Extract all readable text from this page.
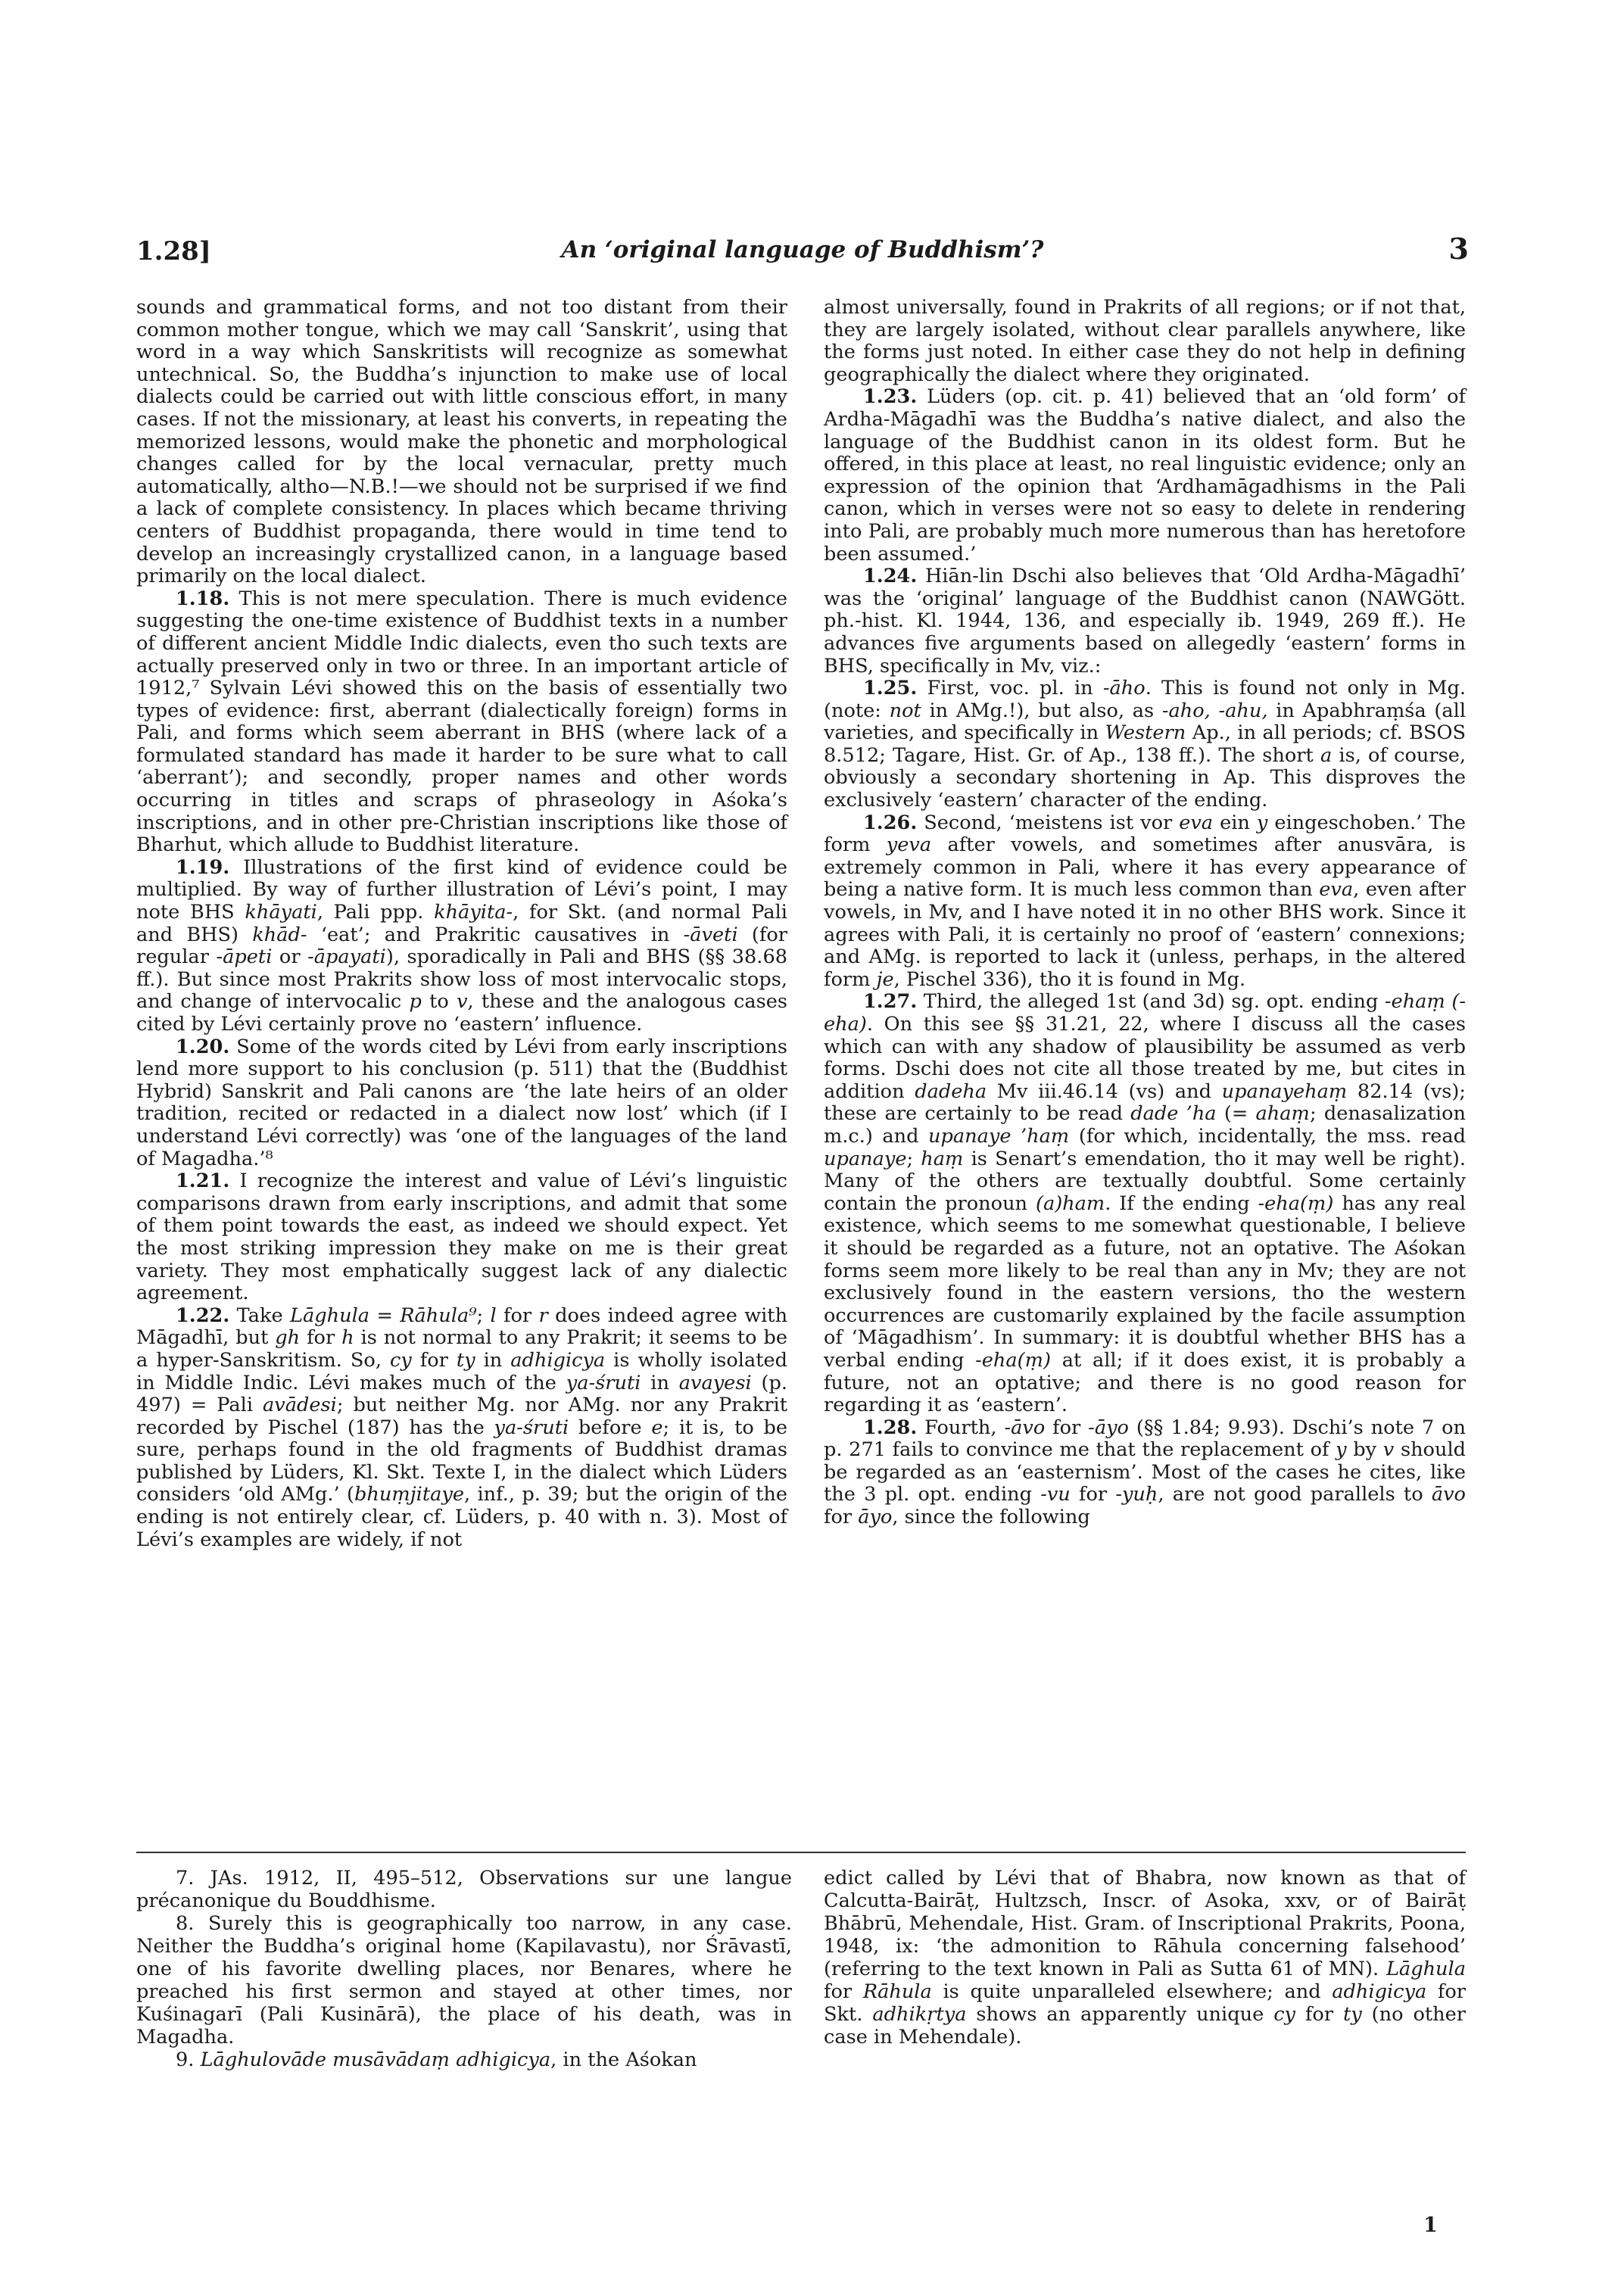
1.28]	An ‘original language of Buddhism’?	3

sounds and grammatical forms, and not too distant from their common mother tongue, which we may call ‘Sanskrit’, using that word in a way which Sanskritists will recognize as somewhat untechnical. So, the Buddha’s injunction to make use of local dialects could be carried out with little conscious effort, in many cases. If not the missionary, at least his converts, in repeating the memorized lessons, would make the phonetic and morphological changes called for by the local vernacular, pretty much automatically, altho—N.B.!—we should not be surprised if we find a lack of complete consistency. In places which became thriving centers of Buddhist propaganda, there would in time tend to develop an increasingly crystallized canon, in a language based primarily on the local dialect.

1.18. This is not mere speculation. There is much evidence suggesting the one-time existence of Buddhist texts in a number of different ancient Middle Indic dialects, even tho such texts are actually preserved only in two or three. In an important article of 1912,⁷ Sylvain Lévi showed this on the basis of essentially two types of evidence: first, aberrant (dialectically foreign) forms in Pali, and forms which seem aberrant in BHS (where lack of a formulated standard has made it harder to be sure what to call ‘aberrant’); and secondly, proper names and other words occurring in titles and scraps of phraseology in Aśoka’s inscriptions, and in other pre-Christian inscriptions like those of Bharhut, which allude to Buddhist literature.

1.19. Illustrations of the first kind of evidence could be multiplied. By way of further illustration of Lévi’s point, I may note BHS khāyati, Pali ppp. khāyita-, for Skt. (and normal Pali and BHS) khād- ‘eat’; and Prakritic causatives in -āveti (for regular -āpeti or -āpayati), sporadically in Pali and BHS (§§ 38.68 ff.). But since most Prakrits show loss of most intervocalic stops, and change of intervocalic p to v, these and the analogous cases cited by Lévi certainly prove no ‘eastern’ influence.

1.20. Some of the words cited by Lévi from early inscriptions lend more support to his conclusion (p. 511) that the (Buddhist Hybrid) Sanskrit and Pali canons are ‘the late heirs of an older tradition, recited or redacted in a dialect now lost’ which (if I understand Lévi correctly) was ‘one of the languages of the land of Magadha.’⁸

1.21. I recognize the interest and value of Lévi’s linguistic comparisons drawn from early inscriptions, and admit that some of them point towards the east, as indeed we should expect. Yet the most striking impression they make on me is their great variety. They most emphatically suggest lack of any dialectic agreement.

1.22. Take Lāghula = Rāhula⁹; l for r does indeed agree with Māgadhī, but gh for h is not normal to any Prakrit; it seems to be a hyper-Sanskritism. So, cy for ty in adhigicya is wholly isolated in Middle Indic. Lévi makes much of the ya-śruti in avayesi (p. 497) = Pali avādesi; but neither Mg. nor AMg. nor any Prakrit recorded by Pischel (187) has the ya-śruti before e; it is, to be sure, perhaps found in the old fragments of Buddhist dramas published by Lüders, Kl. Skt. Texte I, in the dialect which Lüders considers ‘old AMg.’ (bhuṃjitaye, inf., p. 39; but the origin of the ending is not entirely clear, cf. Lüders, p. 40 with n. 3). Most of Lévi’s examples are widely, if not

almost universally, found in Prakrits of all regions; or if not that, they are largely isolated, without clear parallels anywhere, like the forms just noted. In either case they do not help in defining geographically the dialect where they originated.

1.23. Lüders (op. cit. p. 41) believed that an ‘old form’ of Ardha-Māgadhī was the Buddha’s native dialect, and also the language of the Buddhist canon in its oldest form. But he offered, in this place at least, no real linguistic evidence; only an expression of the opinion that ‘Ardhamāgadhisms in the Pali canon, which in verses were not so easy to delete in rendering into Pali, are probably much more numerous than has heretofore been assumed.’

1.24. Hiān-lin Dschi also believes that ‘Old Ardha-Māgadhī’ was the ‘original’ language of the Buddhist canon (NAWGött. ph.-hist. Kl. 1944, 136, and especially ib. 1949, 269 ff.). He advances five arguments based on allegedly ‘eastern’ forms in BHS, specifically in Mv, viz.:

1.25. First, voc. pl. in -āho. This is found not only in Mg. (note: not in AMg.!), but also, as -aho, -ahu, in Apabhraṃśa (all varieties, and specifically in Western Ap., in all periods; cf. BSOS 8.512; Tagare, Hist. Gr. of Ap., 138 ff.). The short a is, of course, obviously a secondary shortening in Ap. This disproves the exclusively ‘eastern’ character of the ending.

1.26. Second, ‘meistens ist vor eva ein y eingeschoben.’ The form yeva after vowels, and sometimes after anusvāra, is extremely common in Pali, where it has every appearance of being a native form. It is much less common than eva, even after vowels, in Mv, and I have noted it in no other BHS work. Since it agrees with Pali, it is certainly no proof of ‘eastern’ connexions; and AMg. is reported to lack it (unless, perhaps, in the altered form je, Pischel 336), tho it is found in Mg.

1.27. Third, the alleged 1st (and 3d) sg. opt. ending -ehaṃ (-eha). On this see §§ 31.21, 22, where I discuss all the cases which can with any shadow of plausibility be assumed as verb forms. Dschi does not cite all those treated by me, but cites in addition dadeha Mv iii.46.14 (vs) and upanayehaṃ 82.14 (vs); these are certainly to be read dade ’ha (= ahaṃ; denasalization m.c.) and upanaye ’haṃ (for which, incidentally, the mss. read upanaye; haṃ is Senart’s emendation, tho it may well be right). Many of the others are textually doubtful. Some certainly contain the pronoun (a)ham. If the ending -eha(ṃ) has any real existence, which seems to me somewhat questionable, I believe it should be regarded as a future, not an optative. The Aśokan forms seem more likely to be real than any in Mv; they are not exclusively found in the eastern versions, tho the western occurrences are customarily explained by the facile assumption of ‘Māgadhism’. In summary: it is doubtful whether BHS has a verbal ending -eha(ṃ) at all; if it does exist, it is probably a future, not an optative; and there is no good reason for regarding it as ‘eastern’.

1.28. Fourth, -āvo for -āyo (§§ 1.84; 9.93). Dschi’s note 7 on p. 271 fails to convince me that the replacement of y by v should be regarded as an ‘easternism’. Most of the cases he cites, like the 3 pl. opt. ending -vu for -yuḥ, are not good parallels to āvo for āyo, since the following

7. JAs. 1912, II, 495–512, Observations sur une langue précanonique du Bouddhisme.

8. Surely this is geographically too narrow, in any case. Neither the Buddha’s original home (Kapilavastu), nor Śrāvastī, one of his favorite dwelling places, nor Benares, where he preached his first sermon and stayed at other times, nor Kuśinagarī (Pali Kusinārā), the place of his death, was in Magadha.

9. Lāghulovāde musāvādaṃ adhigicya, in the Aśokan

edict called by Lévi that of Bhabra, now known as that of Calcutta-Bairāṭ, Hultzsch, Inscr. of Asoka, xxv, or of Bairāṭ Bhābrū, Mehendale, Hist. Gram. of Inscriptional Prakrits, Poona, 1948, ix: ‘the admonition to Rāhula concerning falsehood’ (referring to the text known in Pali as Sutta 61 of MN). Lāghula for Rāhula is quite unparalleled elsewhere; and adhigicya for Skt. adhikṛtya shows an apparently unique cy for ty (no other case in Mehendale).

1
